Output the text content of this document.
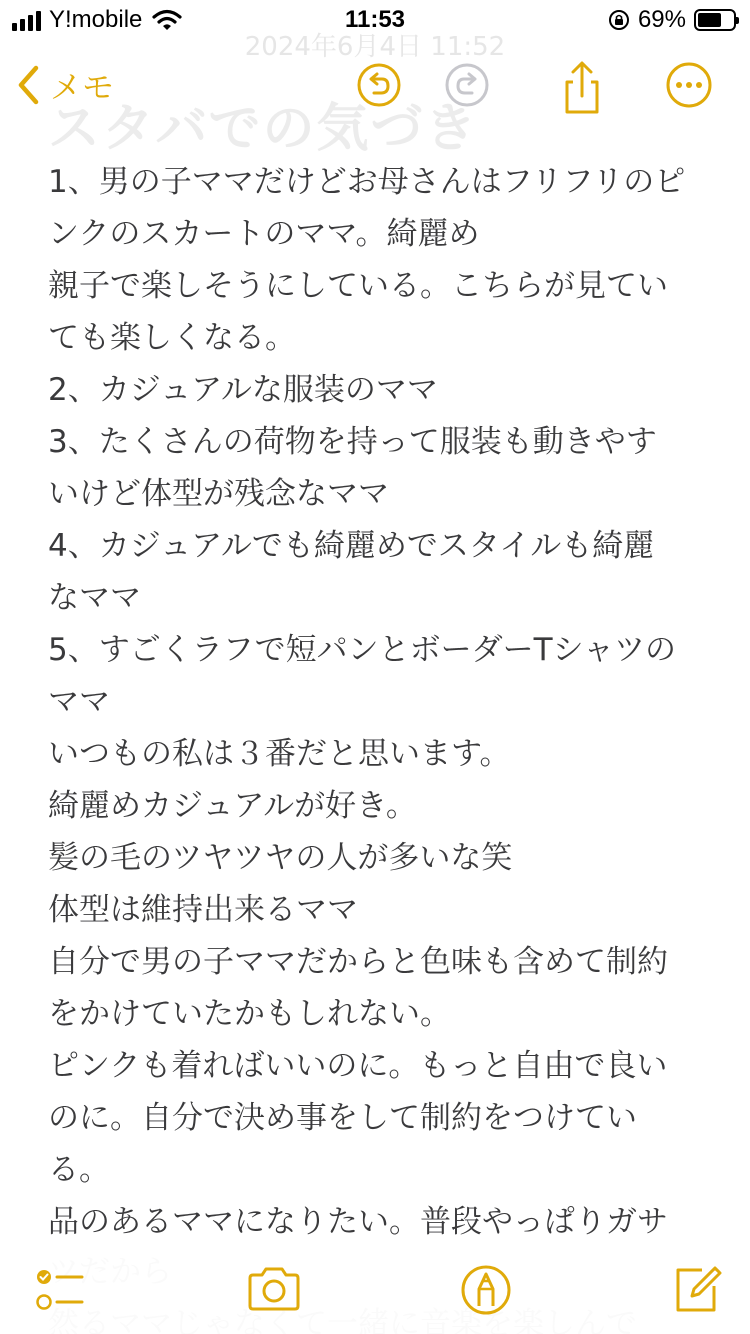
2024年6月4日 11:52
スタバでの気づき
Y!mobile	11:53	69%
メモ
1、男の子ママだけどお母さんはフリフリのピ
ンクのスカートのママ。綺麗め
親子で楽しそうにしている。こちらが見てい
ても楽しくなる。
2、カジュアルな服装のママ
3、たくさんの荷物を持って服装も動きやす
いけど体型が残念なママ
4、カジュアルでも綺麗めでスタイルも綺麗
なママ
5、すごくラフで短パンとボーダーTシャツの
ママ
いつもの私は３番だと思います。
綺麗めカジュアルが好き。
髪の毛のツヤツヤの人が多いな笑
体型は維持出来るママ
自分で男の子ママだからと色味も含めて制約
をかけていたかもしれない。
ピンクも着ればいいのに。もっと自由で良い
のに。自分で決め事をして制約をつけてい
る。
品のあるママになりたい。普段やっぱりガサ
